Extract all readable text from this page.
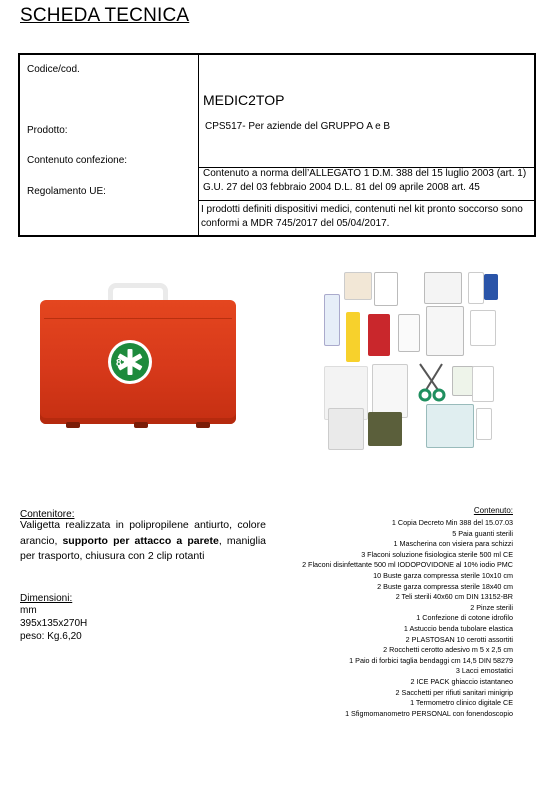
SCHEDA TECNICA
Codice/cod.
Prodotto:
Contenuto confezione:
Regolamento UE:
MEDIC2TOP
CPS517- Per aziende del GRUPPO A e B
Contenuto a norma dell’ALLEGATO 1 D.M. 388 del 15 luglio 2003 (art. 1) G.U. 27 del 03 febbraio 2004 D.L. 81 del 09 aprile 2008 art. 45
I prodotti definiti dispositivi medici, contenuti nel kit pronto soccorso sono conformi a MDR 745/2017 del 05/04/2017.
81
Contenitore:
Valigetta realizzata in polipropilene antiurto, colore arancio, supporto per attacco a parete, maniglia per trasporto, chiusura con 2 clip rotanti
Dimensioni:
mm
395x135x270H
peso: Kg.6,20
Contenuto:
1 Copia Decreto Min 388 del 15.07.03
5 Paia guanti sterili
1 Mascherina con visiera para schizzi
3 Flaconi soluzione fisiologica sterile 500 ml CE
2 Flaconi disinfettante 500 ml IODOPOVIDONE al 10% iodio PMC
10 Buste garza compressa sterile 10x10 cm
2 Buste garza compressa sterile 18x40 cm
2 Teli sterili 40x60 cm DIN 13152-BR
2 Pinze sterili
1 Confezione di cotone idrofilo
1 Astuccio benda tubolare elastica
2 PLASTOSAN 10 cerotti assortiti
2 Rocchetti cerotto adesivo m 5 x 2,5 cm
1 Paio di forbici taglia bendaggi cm 14,5 DIN 58279
3 Lacci emostatici
2 ICE PACK ghiaccio istantaneo
2 Sacchetti per rifiuti sanitari minigrip
1 Termometro clinico digitale CE
1 Sfigmomanometro PERSONAL con fonendoscopio
